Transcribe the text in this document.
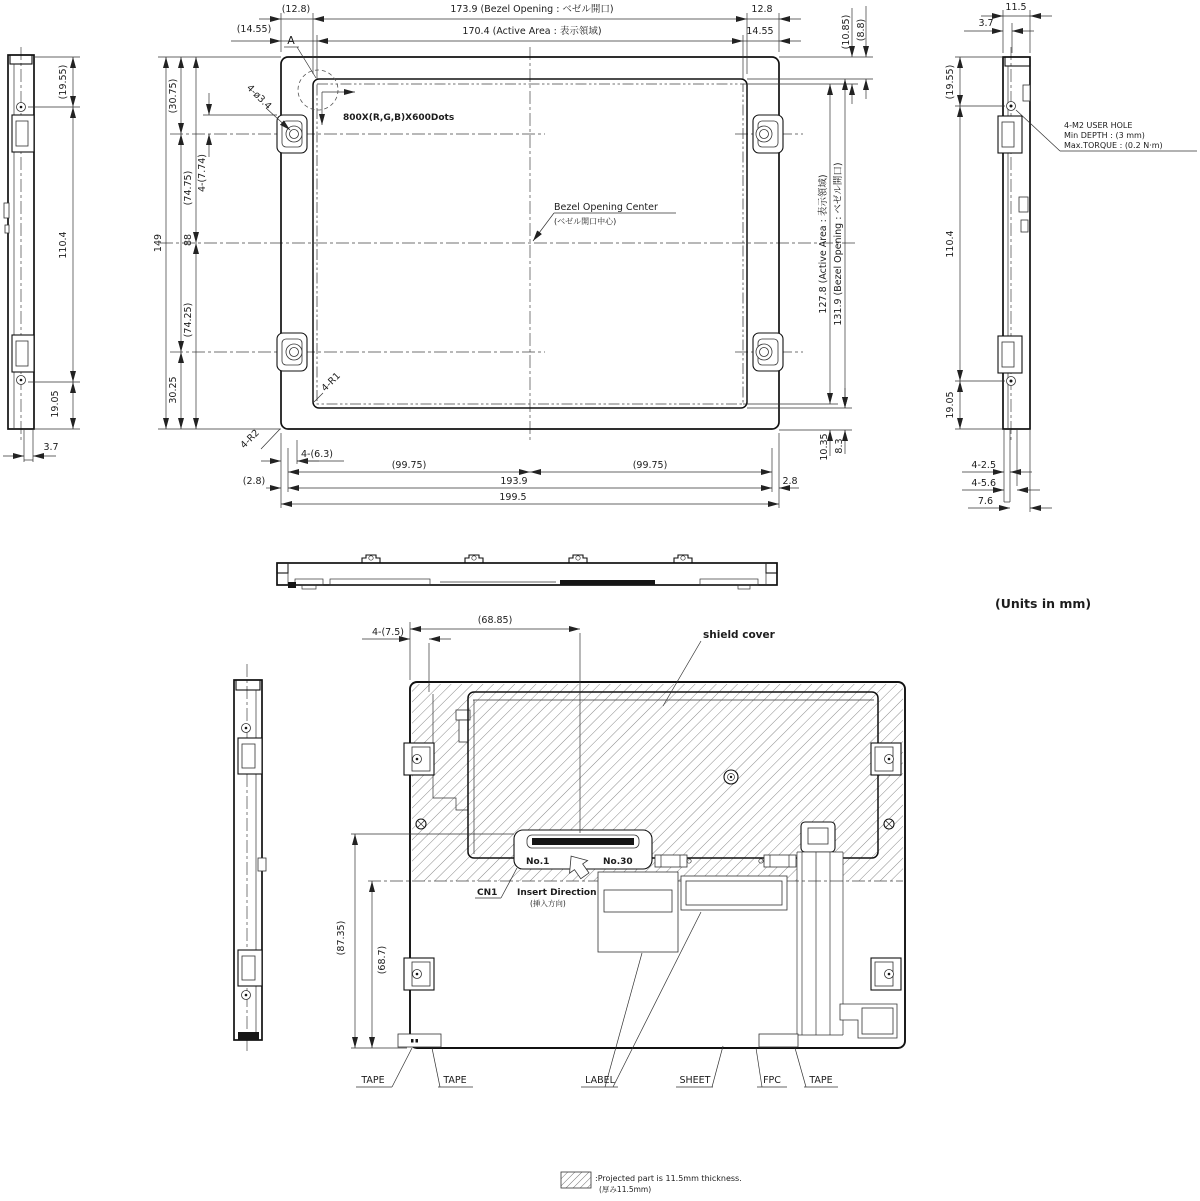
A
800X(R,G,B)X600Dots
Bezel Opening Center
(ベゼル開口中心)
4-ø3.4
4-R1
4-R2
(12.8)	173.9 (Bezel Opening : ベゼル開口)	12.8
(14.55)	170.4 (Active Area : 表示領域)	14.55	(10.85) (8.8)
127.8 (Active Area : 表示領域) 131.9 (Bezel Opening : ベゼル開口)
10.35 8.3
149
(30.75)
88
30.25
(74.75)
(74.25)
4-(7.74)
4-(6.3)
(99.75)	(99.75)
(2.8)	193.9	2.8
199.5
(19.55)
110.4
19.05
3.7
11.5
3.7
(19.55)
110.4
19.05
4-M2 USER HOLE
Min DEPTH : (3 mm)
Max.TORQUE : (0.2 N·m)
4-2.5
4-5.6
7.6
(Units in mm)
No.1	No.30
CN1 Insert Direction
(挿入方向)
shield cover
(68.85)
4-(7.5)
(87.35)
(68.7)
TAPE	TAPE	LABEL	SHEET	FPC	TAPE
:Projected part is 11.5mm thickness.
(厚み11.5mm)
